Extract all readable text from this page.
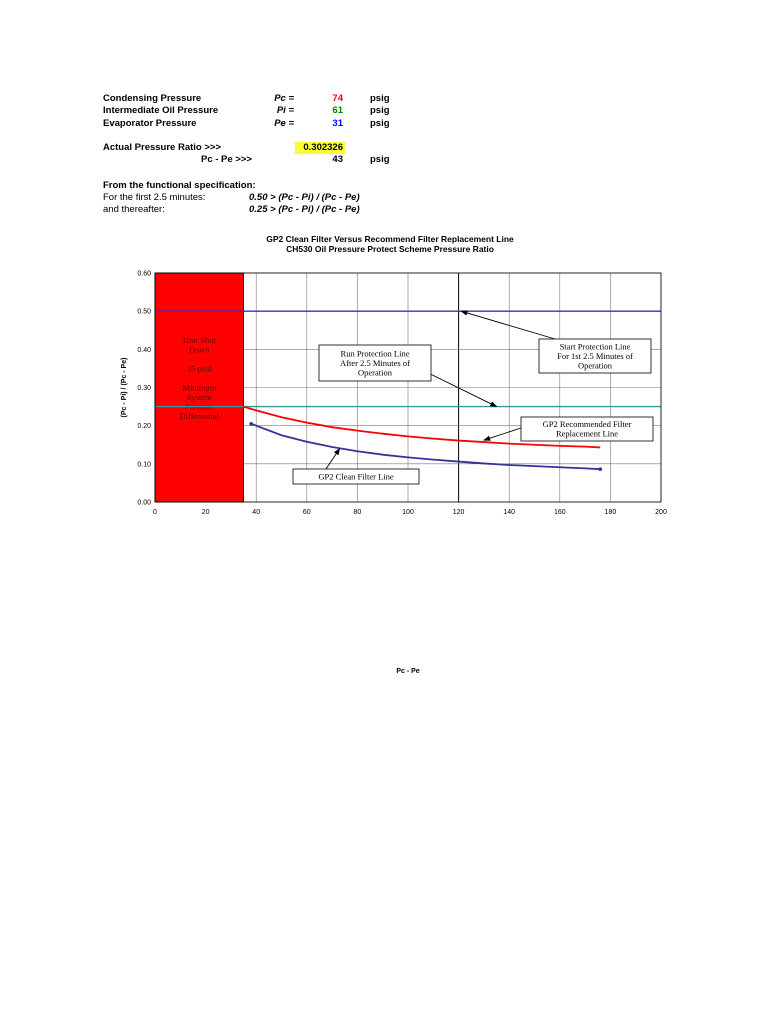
Condensing Pressure	Pc =	74	psig
Intermediate Oil Pressure	Pi =	61	psig
Evaporator Pressure	Pe =	31	psig
Actual Pressure Ratio >>>	0.302326
Pc - Pe >>>	43	psig
From the functional specification:
For the first 2.5 minutes:	0.50 > (Pc - Pi) / (Pc - Pe)
and thereafter:	0.25 > (Pc - Pi) / (Pc - Pe)
GP2 Clean Filter Versus Recommend Filter Replacement Line
CH530 Oil Pressure Protect Scheme Pressure Ratio
Unit Shut
Down
35 psid
Minimum
System
Pressure
Differential
Start Protection Line
For 1st 2.5 Minutes of
Operation
Run Protection Line
After 2.5 Minutes of
Operation
GP2 Recommended Filter
Replacement Line
GP2 Clean Filter Line
0	20	40	60	80	100	120	140	160	180	200
0.00
0.10
0.20
0.30
0.40
0.50
0.60
(Pc - Pi) / (Pc - Pe)
Pc - Pe
